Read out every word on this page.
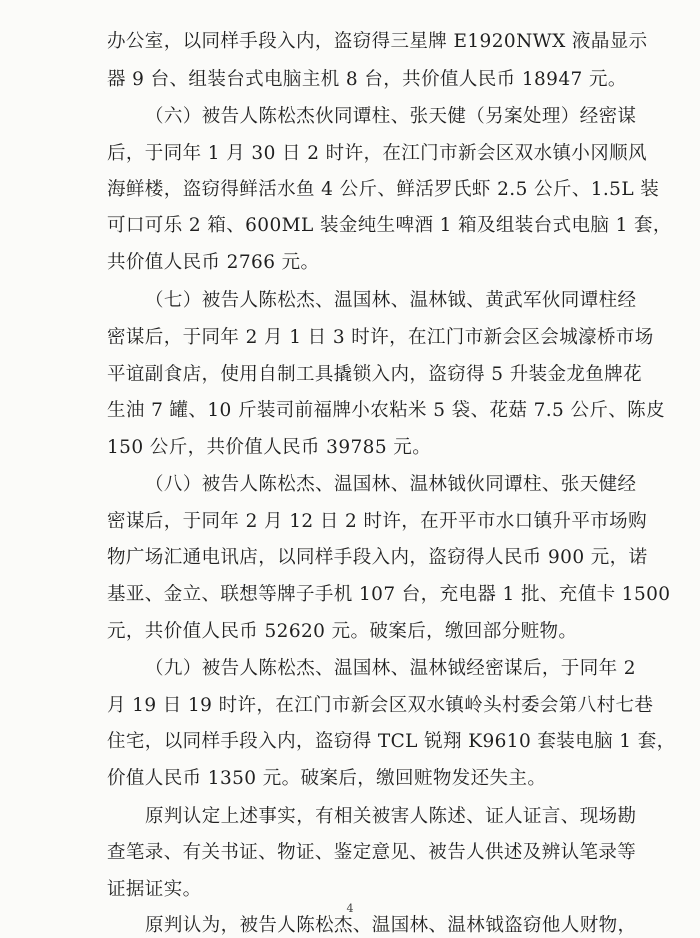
办公室，以同样手段入内，盗窃得三星牌 E1920NWX 液晶显示
器 9 台、组装台式电脑主机 8 台，共价值人民币 18947 元。
（六）被告人陈松杰伙同谭柱、张天健（另案处理）经密谋
后，于同年 1 月 30 日 2 时许，在江门市新会区双水镇小冈顺风
海鲜楼，盗窃得鲜活水鱼 4 公斤、鲜活罗氏虾 2.5 公斤、1.5L 装
可口可乐 2 箱、600ML 装金纯生啤酒 1 箱及组装台式电脑 1 套，
共价值人民币 2766 元。
（七）被告人陈松杰、温国林、温林钺、黄武军伙同谭柱经
密谋后，于同年 2 月 1 日 3 时许，在江门市新会区会城濠桥市场
平谊副食店，使用自制工具撬锁入内，盗窃得 5 升装金龙鱼牌花
生油 7 罐、10 斤装司前福牌小农粘米 5 袋、花菇 7.5 公斤、陈皮
150 公斤，共价值人民币 39785 元。
（八）被告人陈松杰、温国林、温林钺伙同谭柱、张天健经
密谋后，于同年 2 月 12 日 2 时许，在开平市水口镇升平市场购
物广场汇通电讯店，以同样手段入内，盗窃得人民币 900 元，诺
基亚、金立、联想等牌子手机 107 台，充电器 1 批、充值卡 1500
元，共价值人民币 52620 元。破案后，缴回部分赃物。
（九）被告人陈松杰、温国林、温林钺经密谋后，于同年 2
月 19 日 19 时许，在江门市新会区双水镇岭头村委会第八村七巷
住宅，以同样手段入内，盗窃得 TCL 锐翔 K9610 套装电脑 1 套，
价值人民币 1350 元。破案后，缴回赃物发还失主。
原判认定上述事实，有相关被害人陈述、证人证言、现场勘
查笔录、有关书证、物证、鉴定意见、被告人供述及辨认笔录等
证据证实。
原判认为，被告人陈松杰、温国林、温林钺盗窃他人财物，
4
